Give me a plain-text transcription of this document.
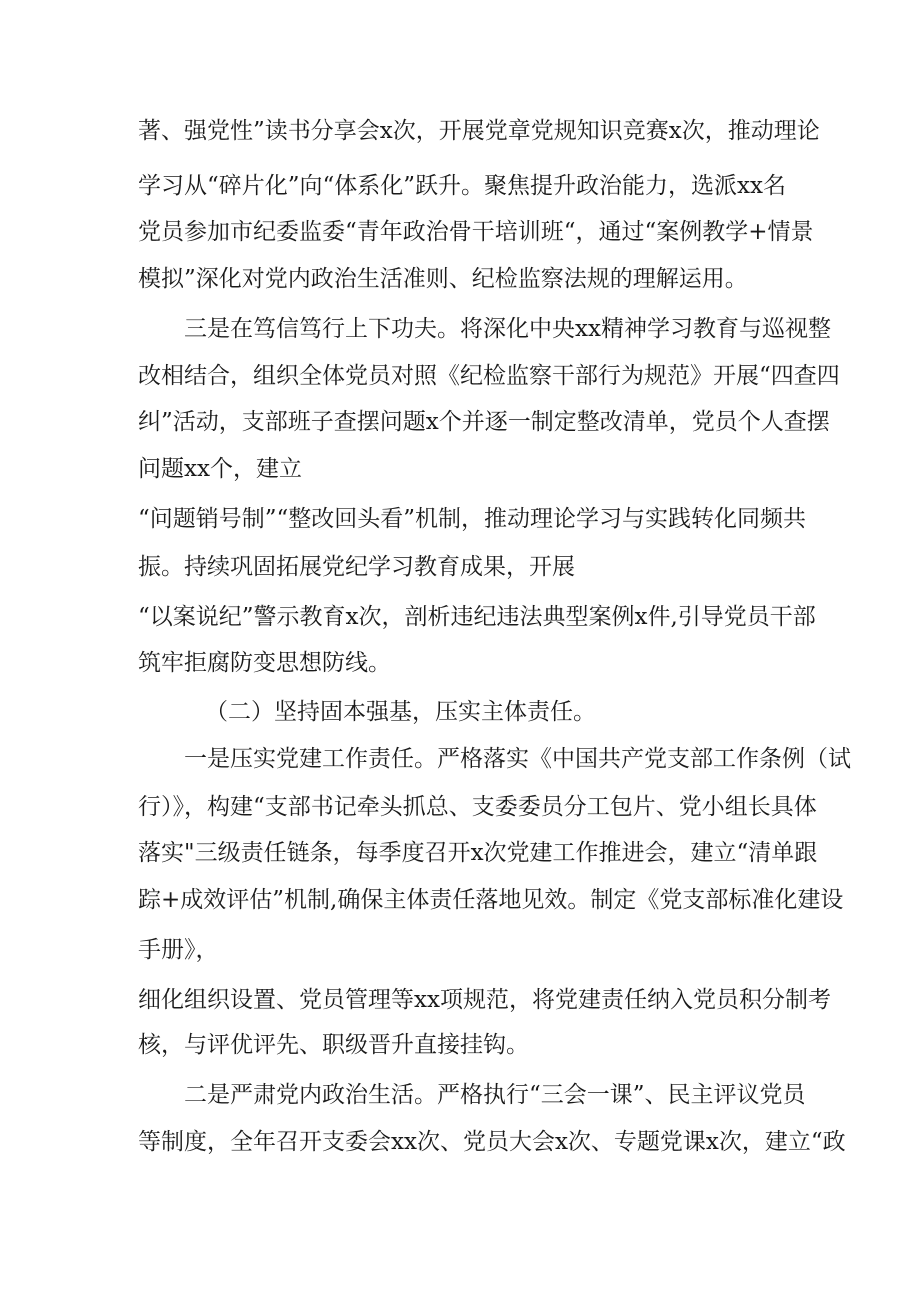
著、强党性”读书分享会x次，开展党章党规知识竞赛x次，推动理论
学习从“碎片化”向“体系化”跃升。聚焦提升政治能力，选派xx名
党员参加市纪委监委“青年政治骨干培训班“，通过“案例教学+情景
模拟”深化对党内政治生活准则、纪检监察法规的理解运用。
三是在笃信笃行上下功夫。将深化中央xx精神学习教育与巡视整
改相结合，组织全体党员对照《纪检监察干部行为规范》开展“四查四
纠”活动，支部班子查摆问题x个并逐一制定整改清单，党员个人查摆
问题xx个，建立
“问题销号制”“整改回头看”机制，推动理论学习与实践转化同频共
振。持续巩固拓展党纪学习教育成果，开展
“以案说纪”警示教育x次，剖析违纪违法典型案例x件,引导党员干部
筑牢拒腐防变思想防线。
（二）坚持固本强基，压实主体责任。
一是压实党建工作责任。严格落实《中国共产党支部工作条例（试
行）》，构建“支部书记牵头抓总、支委委员分工包片、党小组长具体
落实"三级责任链条，每季度召开x次党建工作推进会，建立“清单跟
踪+成效评估”机制,确保主体责任落地见效。制定《党支部标准化建设
手册》，
细化组织设置、党员管理等xx项规范，将党建责任纳入党员积分制考
核，与评优评先、职级晋升直接挂钩。
二是严肃党内政治生活。严格执行“三会一课”、民主评议党员
等制度，全年召开支委会xx次、党员大会x次、专题党课x次，建立“政
